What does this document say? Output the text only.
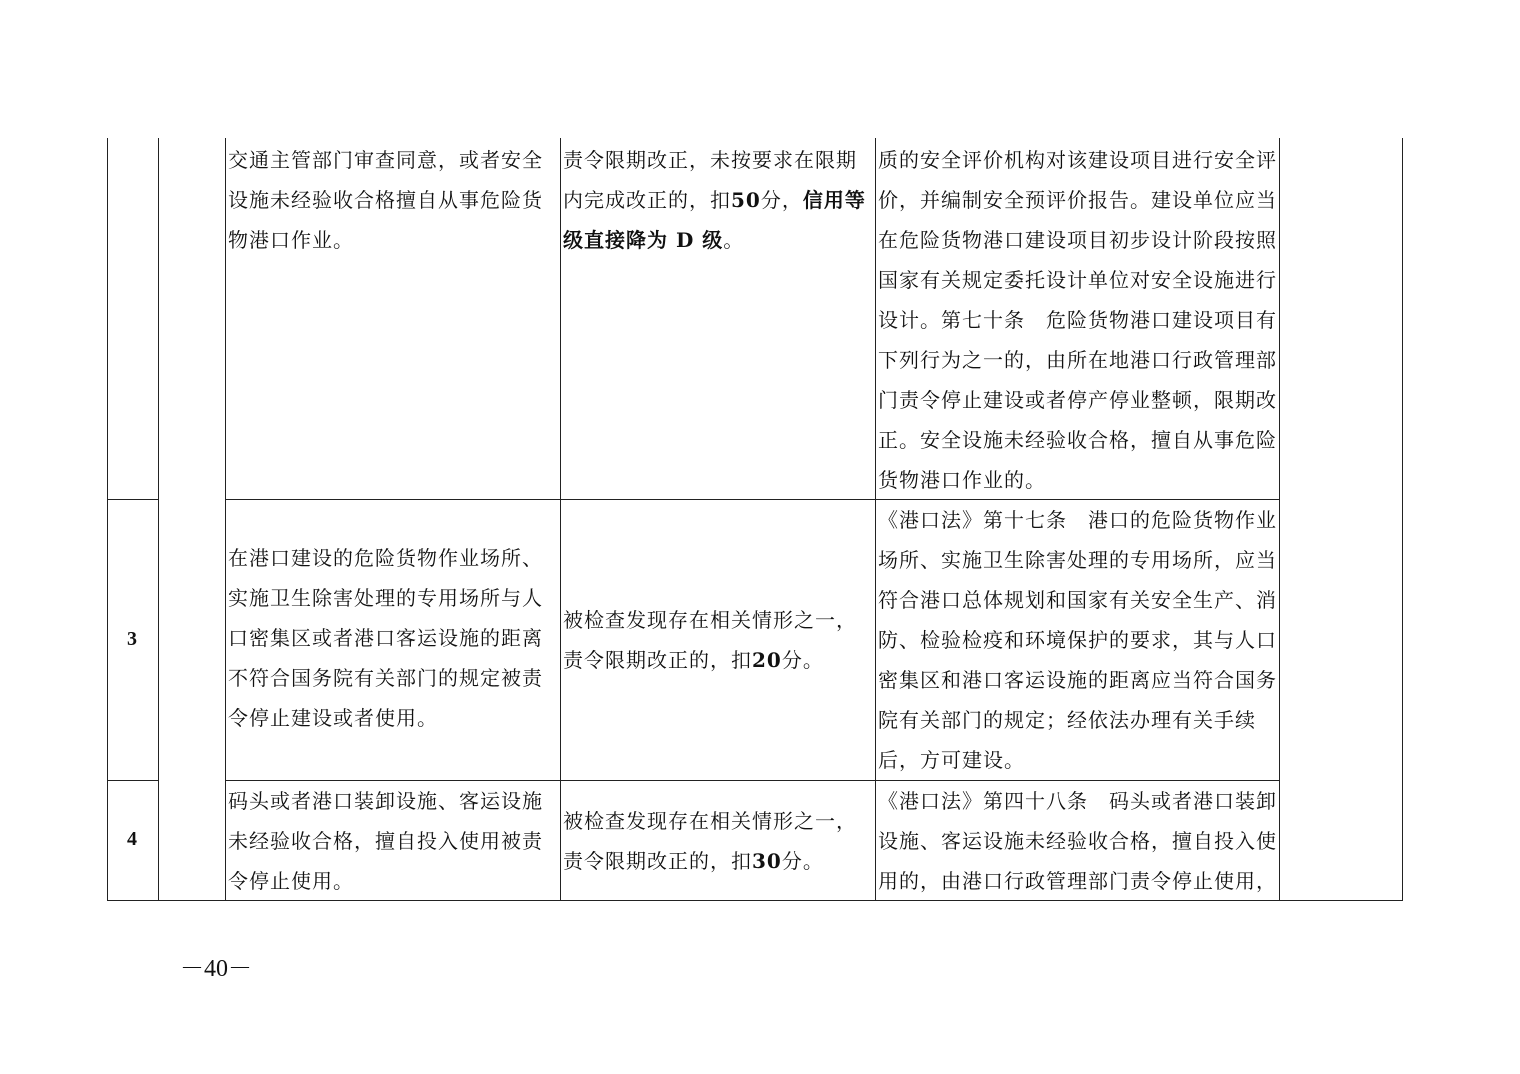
交通主管部门审查同意，或者安全设施未经验收合格擅自从事危险货物港口作业。
责令限期改正，未按要求在限期内完成改正的，扣50分，信用等级直接降为 D 级。
质的安全评价机构对该建设项目进行安全评价，并编制安全预评价报告。建设单位应当在危险货物港口建设项目初步设计阶段按照国家有关规定委托设计单位对安全设施进行设计。第七十条　危险货物港口建设项目有下列行为之一的，由所在地港口行政管理部门责令停止建设或者停产停业整顿，限期改正。安全设施未经验收合格，擅自从事危险货物港口作业的。
3
在港口建设的危险货物作业场所、实施卫生除害处理的专用场所与人口密集区或者港口客运设施的距离不符合国务院有关部门的规定被责令停止建设或者使用。
被检查发现存在相关情形之一，责令限期改正的，扣20分。
《港口法》第十七条　港口的危险货物作业场所、实施卫生除害处理的专用场所，应当符合港口总体规划和国家有关安全生产、消防、检验检疫和环境保护的要求，其与人口密集区和港口客运设施的距离应当符合国务院有关部门的规定；经依法办理有关手续后，方可建设。
4
码头或者港口装卸设施、客运设施未经验收合格，擅自投入使用被责令停止使用。
被检查发现存在相关情形之一，责令限期改正的，扣30分。
《港口法》第四十八条　码头或者港口装卸设施、客运设施未经验收合格，擅自投入使用的，由港口行政管理部门责令停止使用，
－40－
